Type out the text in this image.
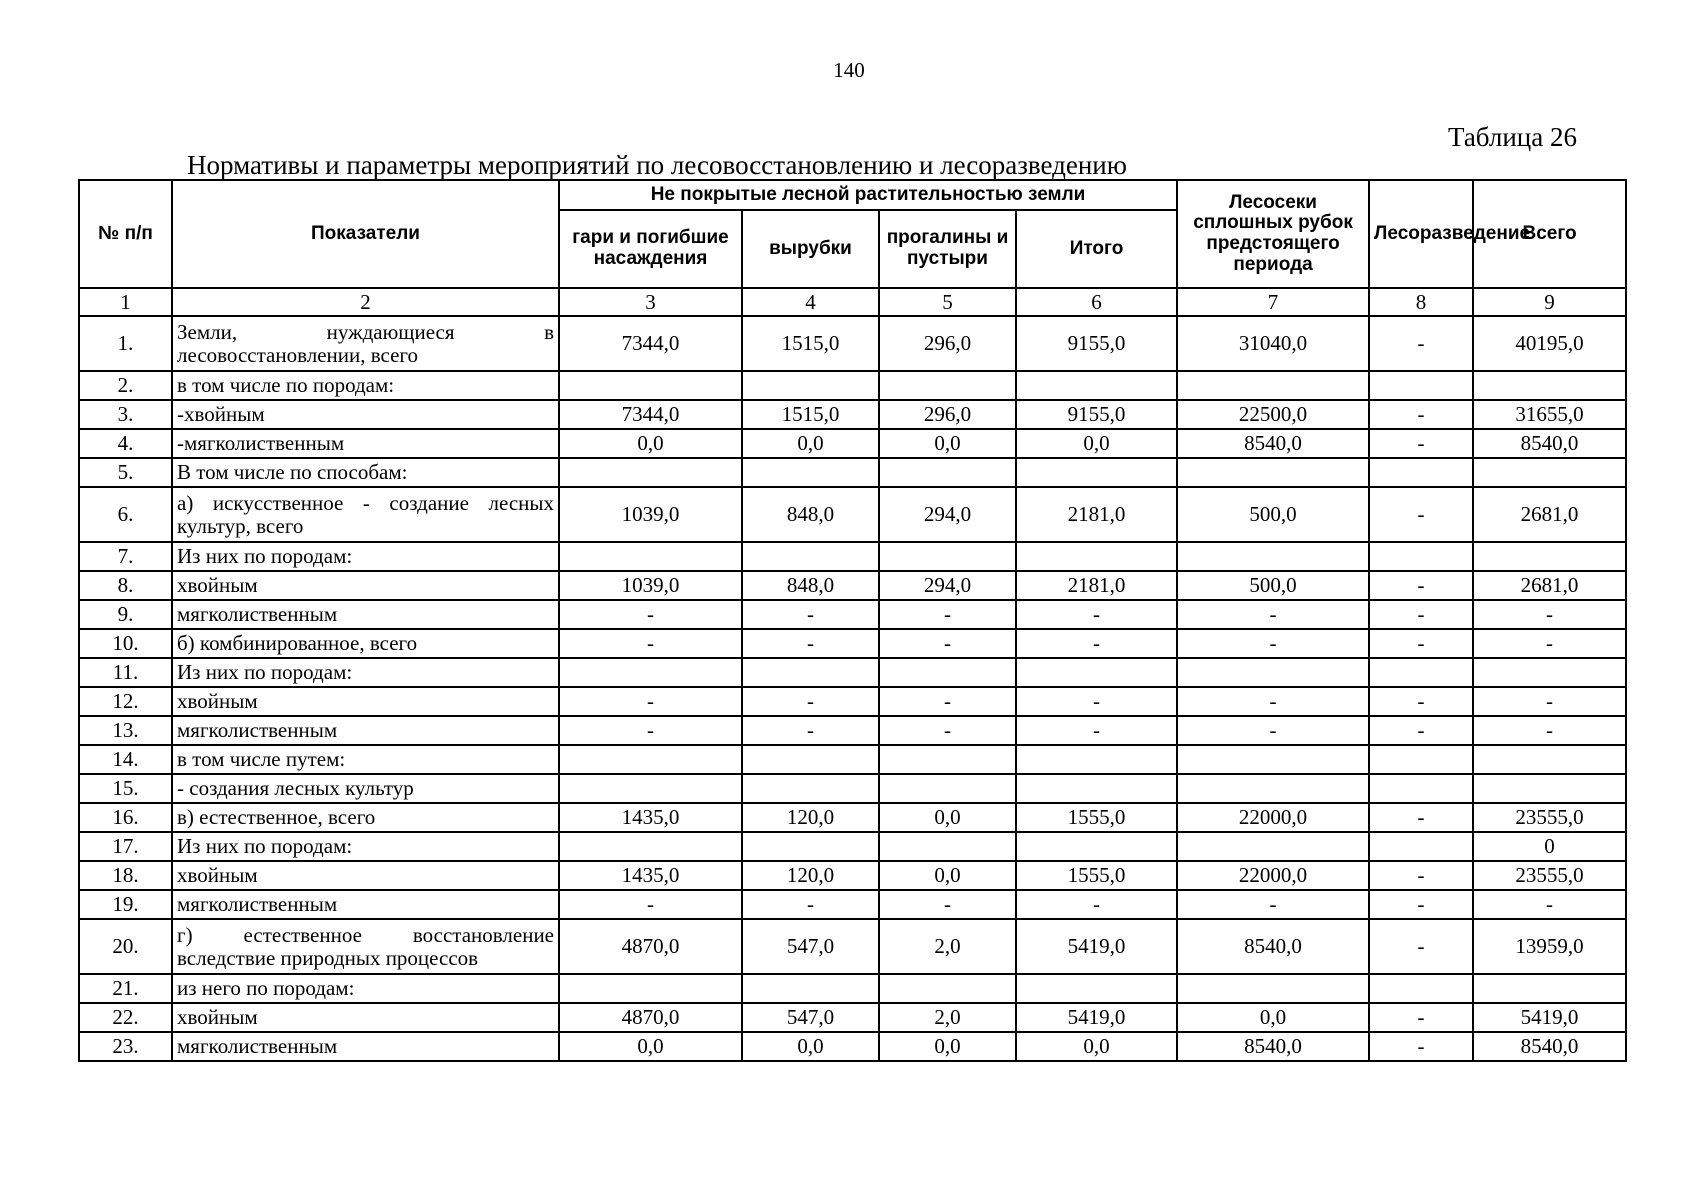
140
Таблица 26
Нормативы и параметры мероприятий по лесовосстановлению и лесоразведению
№ п/п	Показатели	Не покрытые лесной растительностью земли				Лесосеки сплошных рубок предстоящего периода	Лесоразведение	Всего
		гари и погибшие насаждения	вырубки	прогалины и пустыри	Итого			
1	2	3	4	5	6	7	8	9
1.	Земли, нуждающиеся в лесовосстановлении, всего	7344,0	1515,0	296,0	9155,0	31040,0	-	40195,0
2.	в том числе по породам:							
3.	-хвойным	7344,0	1515,0	296,0	9155,0	22500,0	-	31655,0
4.	-мягколиственным	0,0	0,0	0,0	0,0	8540,0	-	8540,0
5.	В том числе по способам:							
6.	а) искусственное - создание лесных культур, всего	1039,0	848,0	294,0	2181,0	500,0	-	2681,0
7.	Из них по породам:							
8.	хвойным	1039,0	848,0	294,0	2181,0	500,0	-	2681,0
9.	мягколиственным	-	-	-	-	-	-	-
10.	б) комбинированное, всего	-	-	-	-	-	-	-
11.	Из них по породам:							
12.	хвойным	-	-	-	-	-	-	-
13.	мягколиственным	-	-	-	-	-	-	-
14.	в том числе путем:							
15.	- создания лесных культур							
16.	в) естественное, всего	1435,0	120,0	0,0	1555,0	22000,0	-	23555,0
17.	Из них по породам:							0
18.	хвойным	1435,0	120,0	0,0	1555,0	22000,0	-	23555,0
19.	мягколиственным	-	-	-	-	-	-	-
20.	г) естественное восстановление вследствие природных процессов	4870,0	547,0	2,0	5419,0	8540,0	-	13959,0
21.	из него по породам:							
22.	хвойным	4870,0	547,0	2,0	5419,0	0,0	-	5419,0
23.	мягколиственным	0,0	0,0	0,0	0,0	8540,0	-	8540,0
